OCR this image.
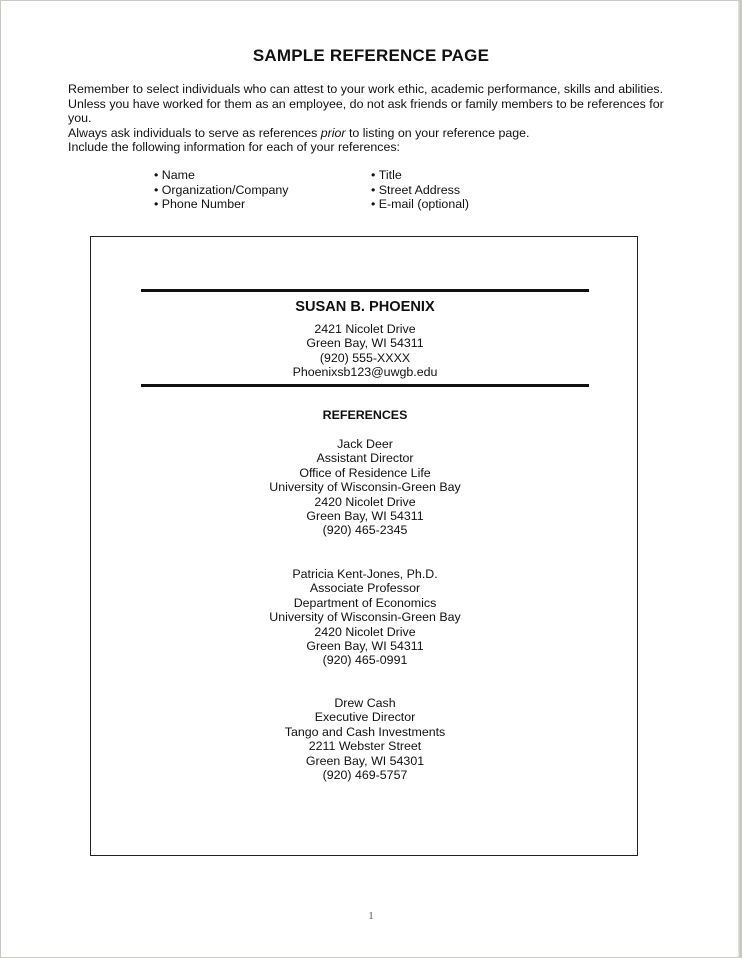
SAMPLE REFERENCE PAGE

Remember to select individuals who can attest to your work ethic, academic performance, skills and abilities.

Unless you have worked for them as an employee, do not ask friends or family members to be references for you.

Always ask individuals to serve as references prior to listing on your reference page.

Include the following information for each of your references:
• Name
• Organization/Company
• Phone Number
• Title
• Street Address
• E-mail (optional)
SUSAN B. PHOENIX
2421 Nicolet Drive
Green Bay, WI 54311
(920) 555-XXXX
Phoenixsb123@uwgb.edu
REFERENCES
Jack Deer
Assistant Director
Office of Residence Life
University of Wisconsin-Green Bay
2420 Nicolet Drive
Green Bay, WI 54311
(920) 465-2345
Patricia Kent-Jones, Ph.D.
Associate Professor
Department of Economics
University of Wisconsin-Green Bay
2420 Nicolet Drive
Green Bay, WI 54311
(920) 465-0991
Drew Cash
Executive Director
Tango and Cash Investments
2211 Webster Street
Green Bay, WI 54301
(920) 469-5757
1
